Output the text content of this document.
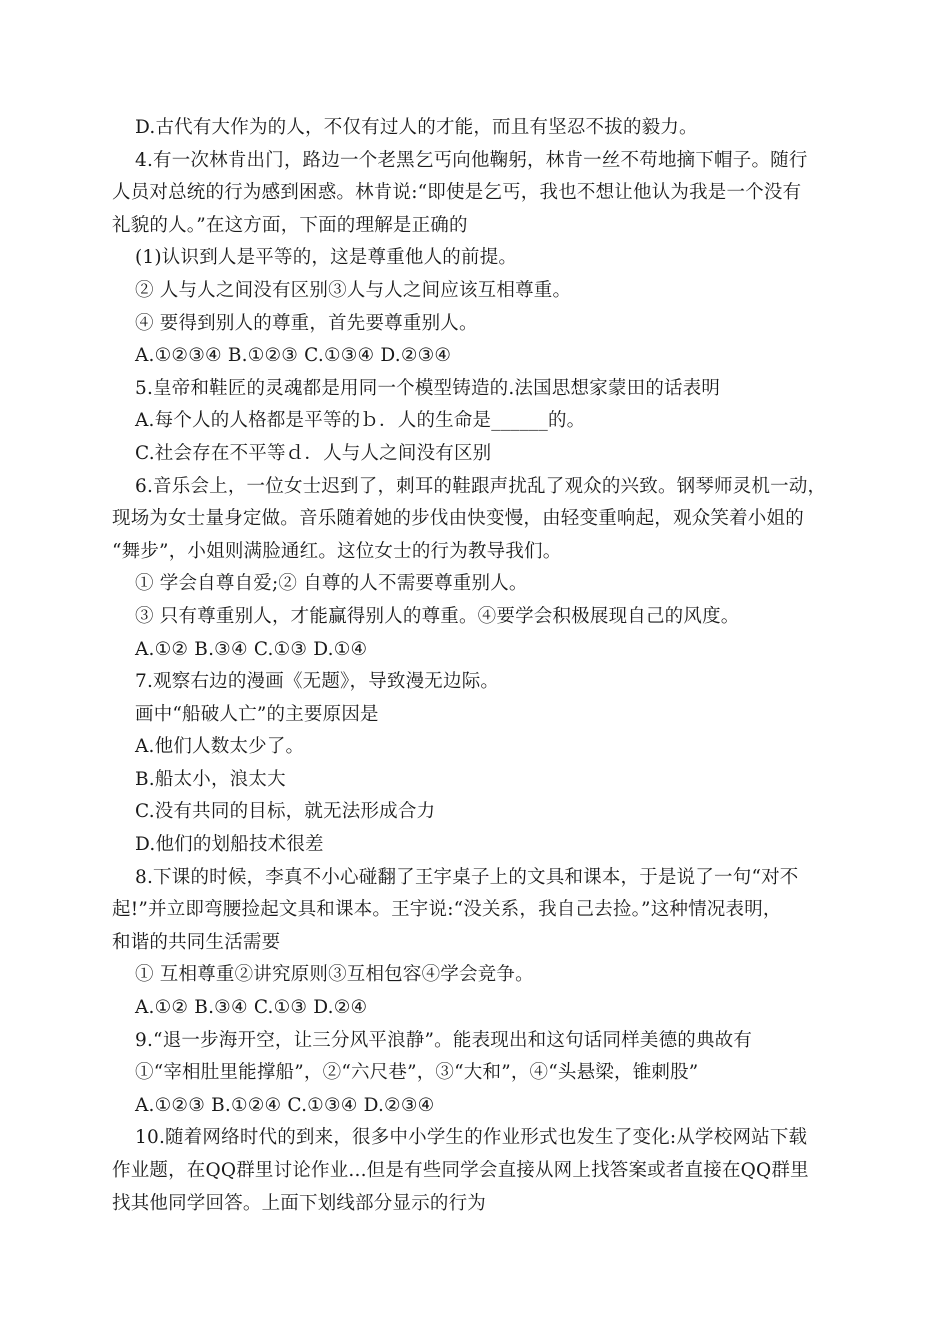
D.古代有大作为的人，不仅有过人的才能，而且有坚忍不拔的毅力。
4.有一次林肯出门，路边一个老黑乞丐向他鞠躬，林肯一丝不苟地摘下帽子。随行
人员对总统的行为感到困惑。林肯说:“即使是乞丐，我也不想让他认为我是一个没有
礼貌的人。”在这方面，下面的理解是正确的
(1)认识到人是平等的，这是尊重他人的前提。
② 人与人之间没有区别③人与人之间应该互相尊重。
④ 要得到别人的尊重，首先要尊重别人。
A.①②③④ B.①②③ C.①③④ D.②③④
5.皇帝和鞋匠的灵魂都是用同一个模型铸造的.法国思想家蒙田的话表明
A.每个人的人格都是平等的ｂ．人的生命是______的。
C.社会存在不平等ｄ．人与人之间没有区别
6.音乐会上，一位女士迟到了，刺耳的鞋跟声扰乱了观众的兴致。钢琴师灵机一动，
现场为女士量身定做。音乐随着她的步伐由快变慢，由轻变重响起，观众笑着小姐的
“舞步”，小姐则满脸通红。这位女士的行为教导我们。
① 学会自尊自爱;② 自尊的人不需要尊重别人。
③ 只有尊重别人，才能赢得别人的尊重。④要学会积极展现自己的风度。
A.①② B.③④ C.①③ D.①④
7.观察右边的漫画《无题》，导致漫无边际。
画中“船破人亡”的主要原因是
A.他们人数太少了。
B.船太小，浪太大
C.没有共同的目标，就无法形成合力
D.他们的划船技术很差
8.下课的时候，李真不小心碰翻了王宇桌子上的文具和课本，于是说了一句“对不
起!”并立即弯腰捡起文具和课本。王宇说:“没关系，我自己去捡。”这种情况表明，
和谐的共同生活需要
① 互相尊重②讲究原则③互相包容④学会竞争。
A.①② B.③④ C.①③ D.②④
9.“退一步海开空，让三分风平浪静”。能表现出和这句话同样美德的典故有
①“宰相肚里能撑船”，②“六尺巷”，③“大和”，④“头悬梁，锥刺股”
A.①②③ B.①②④ C.①③④ D.②③④
10.随着网络时代的到来，很多中小学生的作业形式也发生了变化:从学校网站下载
作业题，在QQ群里讨论作业...但是有些同学会直接从网上找答案或者直接在QQ群里
找其他同学回答。上面下划线部分显示的行为
